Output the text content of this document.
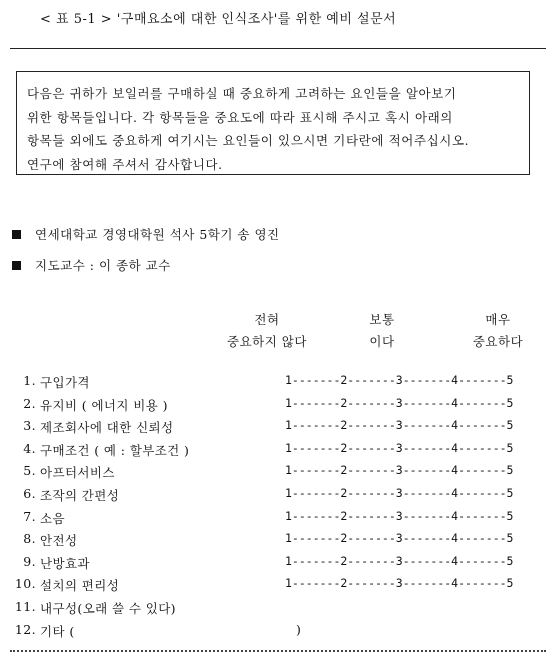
< 표 5-1 > '구매요소에 대한 인식조사'를 위한 예비 설문서
다음은 귀하가 보일러를 구매하실 때 중요하게 고려하는 요인들을 알아보기
위한 항목들입니다. 각 항목들을 중요도에 따라 표시해 주시고 혹시 아래의
항목들 외에도 중요하게 여기시는 요인들이 있으시면 기타란에 적어주십시오.
연구에 참여해 주셔서 감사합니다.
연세대학교 경영대학원 석사 5학기 송 영진
지도교수 : 이 종하 교수
전혀
중요하지 않다
보통
이다
매우
중요하다
1. 구입가격	1-------2-------3-------4-------5
2. 유지비 ( 에너지 비용 )	1-------2-------3-------4-------5
3. 제조회사에 대한 신뢰성	1-------2-------3-------4-------5
4. 구매조건 ( 예 : 할부조건 )	1-------2-------3-------4-------5
5. 아프터서비스	1-------2-------3-------4-------5
6. 조작의 간편성	1-------2-------3-------4-------5
7. 소음	1-------2-------3-------4-------5
8. 안전성	1-------2-------3-------4-------5
9. 난방효과	1-------2-------3-------4-------5
10. 설치의 편리성	1-------2-------3-------4-------5
11. 내구성(오래 쓸 수 있다)
12. 기타 (	)
